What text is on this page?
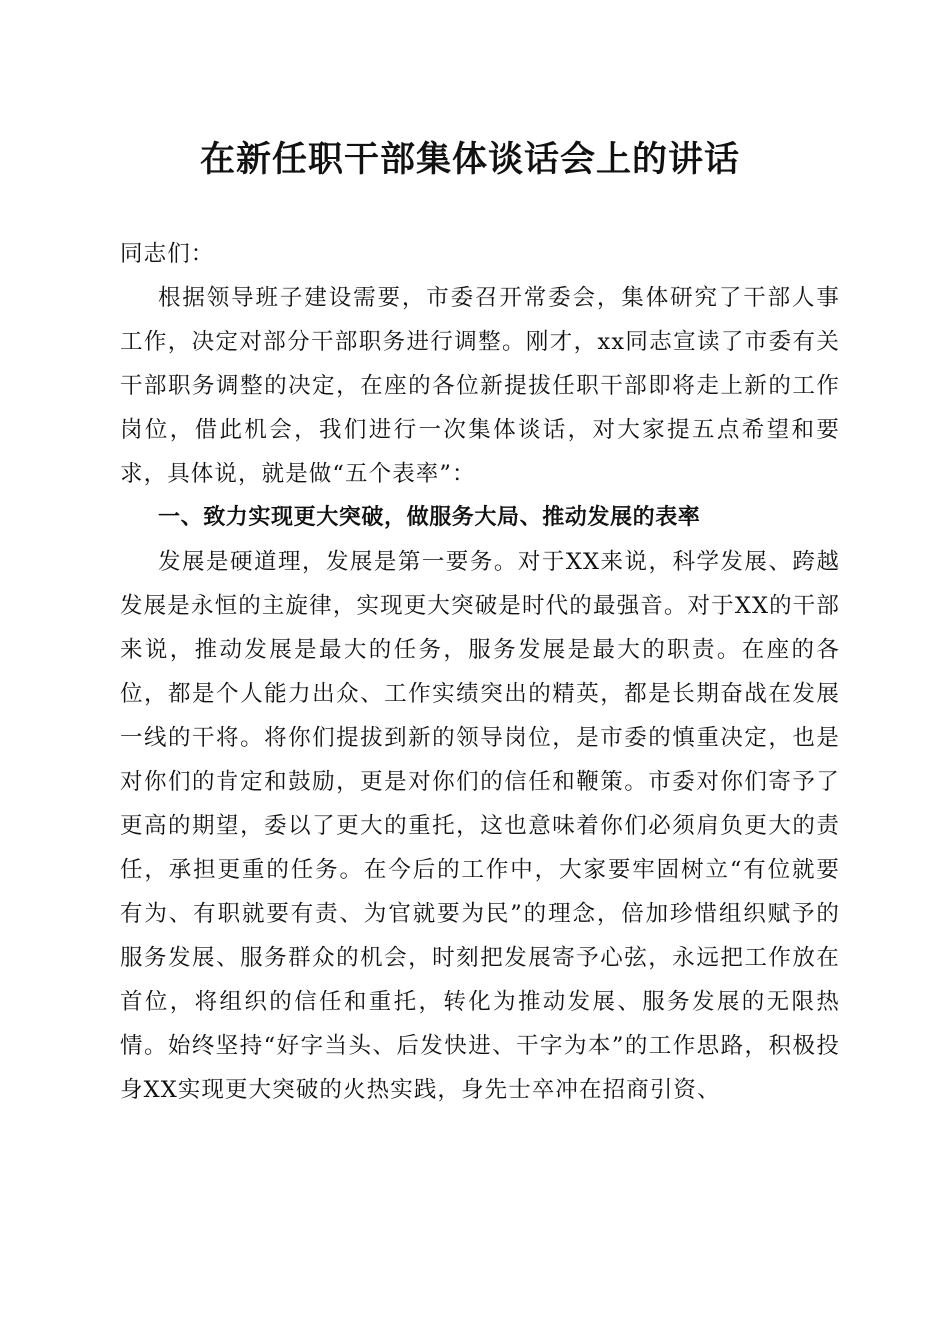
在新任职干部集体谈话会上的讲话

同志们：

根据领导班子建设需要，市委召开常委会，集体研究了干部人事工作，决定对部分干部职务进行调整。刚才，xx同志宣读了市委有关干部职务调整的决定，在座的各位新提拔任职干部即将走上新的工作岗位，借此机会，我们进行一次集体谈话，对大家提五点希望和要求，具体说，就是做“五个表率”：

一、致力实现更大突破，做服务大局、推动发展的表率

发展是硬道理，发展是第一要务。对于XX来说，科学发展、跨越发展是永恒的主旋律，实现更大突破是时代的最强音。对于XX的干部来说，推动发展是最大的任务，服务发展是最大的职责。在座的各位，都是个人能力出众、工作实绩突出的精英，都是长期奋战在发展一线的干将。将你们提拔到新的领导岗位，是市委的慎重决定，也是对你们的肯定和鼓励，更是对你们的信任和鞭策。市委对你们寄予了更高的期望，委以了更大的重托，这也意味着你们必须肩负更大的责任，承担更重的任务。在今后的工作中，大家要牢固树立“有位就要有为、有职就要有责、为官就要为民”的理念，倍加珍惜组织赋予的服务发展、服务群众的机会，时刻把发展寄予心弦，永远把工作放在首位，将组织的信任和重托，转化为推动发展、服务发展的无限热情。始终坚持“好字当头、后发快进、干字为本”的工作思路，积极投身XX实现更大突破的火热实践，身先士卒冲在招商引资、
